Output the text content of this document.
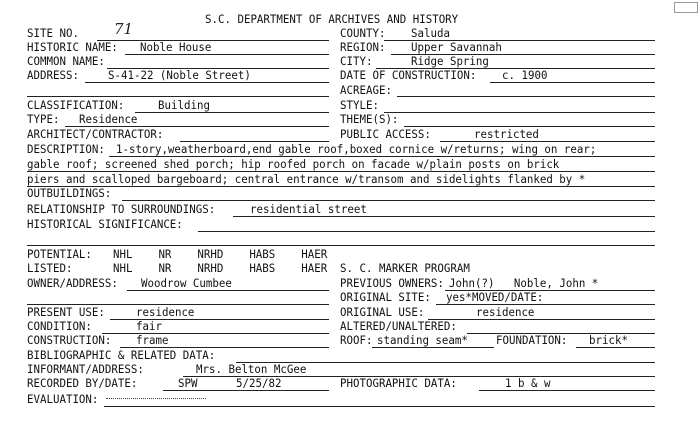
S.C. DEPARTMENT OF ARCHIVES AND HISTORY
SITE NO. 71	COUNTY: Saluda
HISTORIC NAME: Noble House	REGION: Upper Savannah
COMMON NAME:	CITY:	Ridge Spring
ADDRESS:	S-41-22 (Noble Street)	DATE OF CONSTRUCTION: c. 1900
ACREAGE:
CLASSIFICATION:	Building	STYLE:
TYPE: Residence	THEME(S):
ARCHITECT/CONTRACTOR:	PUBLIC ACCESS:	restricted
DESCRIPTION: 1-story,weatherboard,end gable roof,boxed cornice w/returns; wing on rear;
gable roof; screened shed porch; hip roofed porch on facade w/plain posts on brick
piers and scalloped bargeboard; central entrance w/transom and sidelights flanked by *
OUTBUILDINGS:
RELATIONSHIP TO SURROUNDINGS:	residential street
HISTORICAL SIGNIFICANCE:
POTENTIAL: NHL    NR    NRHD    HABS    HAER
LISTED:	NHL    NR    NRHD    HABS    HAER S. C. MARKER PROGRAM
OWNER/ADDRESS: Woodrow Cumbee	PREVIOUS OWNERS: John(?)   Noble, John *
ORIGINAL SITE: yes*MOVED/DATE:
PRESENT USE:	residence	ORIGINAL USE:	residence
CONDITION:	fair	ALTERED/UNALTERED:
CONSTRUCTION: frame	ROOF: standing seam* FOUNDATION: brick*
BIBLIOGRAPHIC & RELATED DATA:
INFORMANT/ADDRESS:	Mrs. Belton McGee
RECORDED BY/DATE:	SPW	5/25/82	PHOTOGRAPHIC DATA:	1 b & w
EVALUATION:
